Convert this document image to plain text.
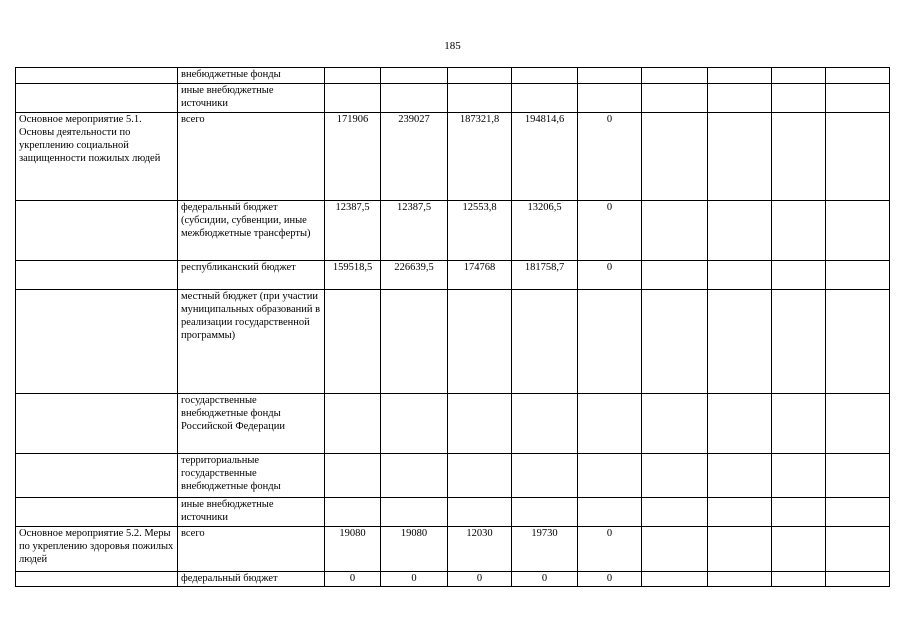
185
	внебюджетные фонды									
	иные внебюджетные источники									
Основное мероприятие 5.1. Основы деятельности по укреплению социальной защищенности пожилых людей	всего	171906	239027	187321,8	194814,6	0				
	федеральный бюджет (субсидии, субвенции, иные межбюджетные трансферты)	12387,5	12387,5	12553,8	13206,5	0				
	республиканский бюджет	159518,5	226639,5	174768	181758,7	0				
	местный бюджет (при участии муниципальных образований в реализации государственной программы)									
	государственные внебюджетные фонды Российской Федерации									
	территориальные государственные внебюджетные фонды									
	иные внебюджетные источники									
Основное мероприятие 5.2. Меры по укреплению здоровья пожилых людей	всего	19080	19080	12030	19730	0				
	федеральный бюджет	0	0	0	0	0				
